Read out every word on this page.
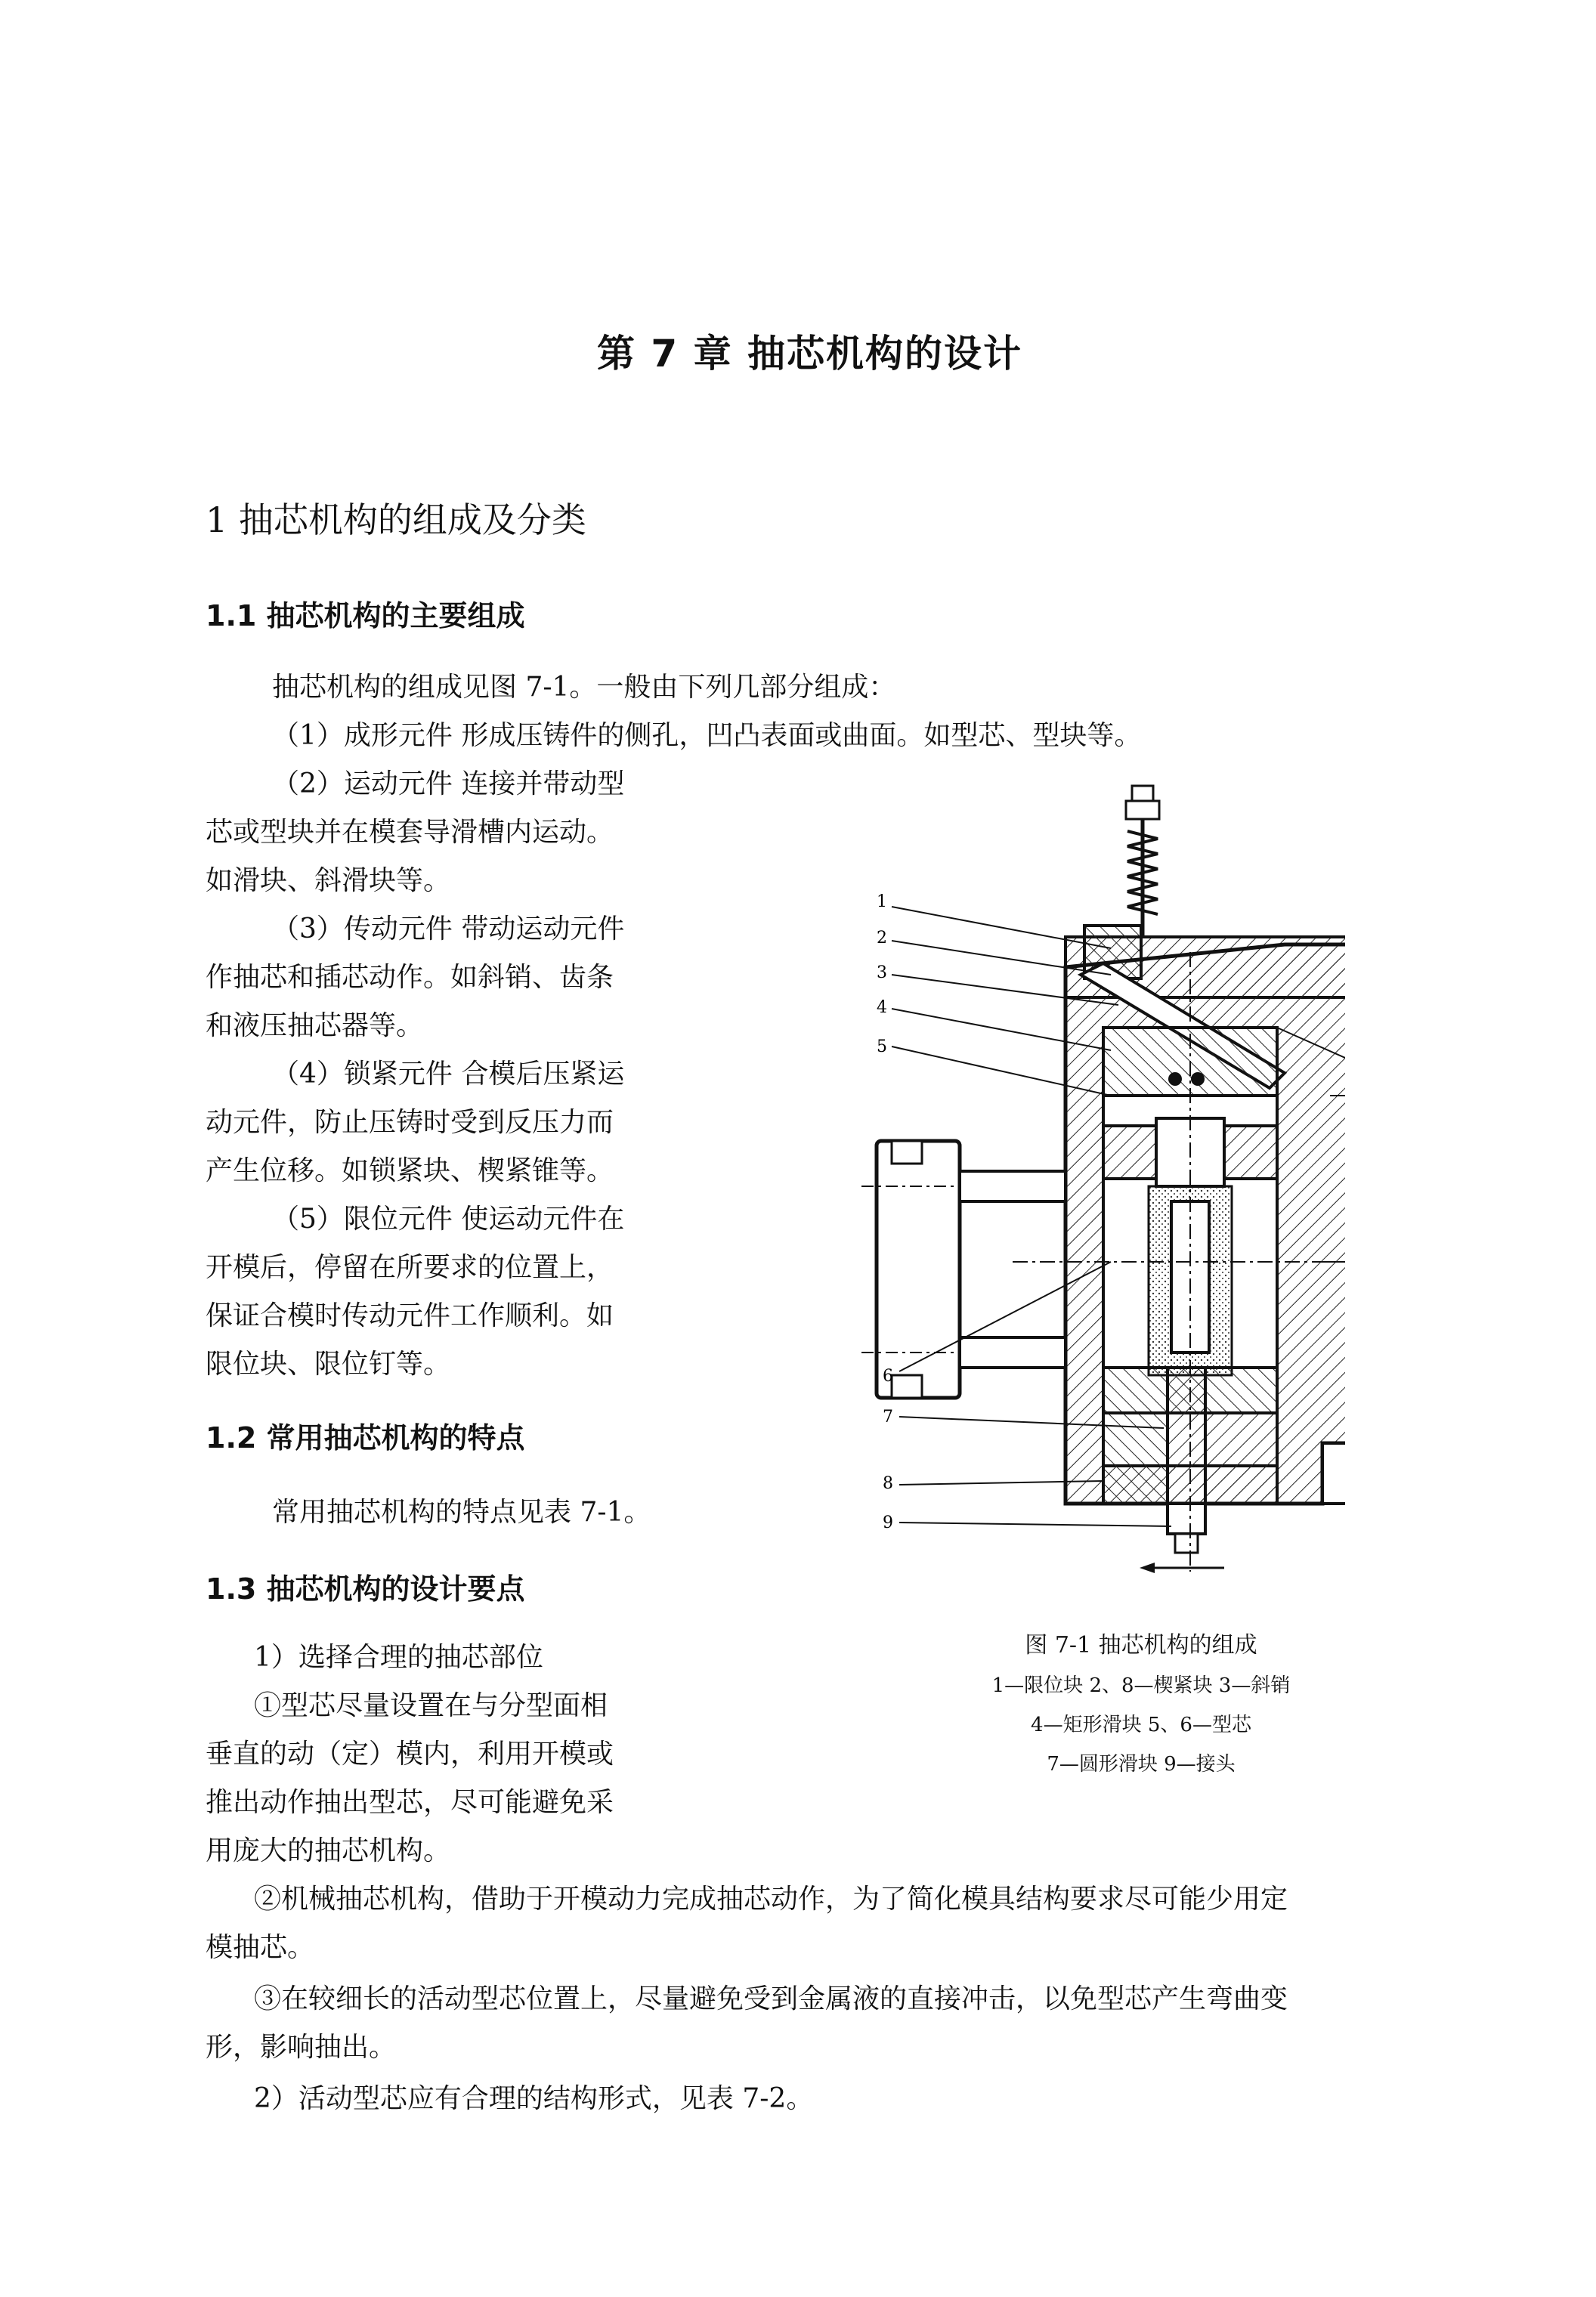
第 7 章 抽芯机构的设计
1 抽芯机构的组成及分类
1.1 抽芯机构的主要组成
抽芯机构的组成见图 7-1。一般由下列几部分组成：
（1）成形元件 形成压铸件的侧孔，凹凸表面或曲面。如型芯、型块等。
（2）运动元件 连接并带动型
芯或型块并在模套导滑槽内运动。
如滑块、斜滑块等。
（3）传动元件 带动运动元件
作抽芯和插芯动作。如斜销、齿条
和液压抽芯器等。
（4）锁紧元件 合模后压紧运
动元件，防止压铸时受到反压力而
产生位移。如锁紧块、楔紧锥等。
（5）限位元件 使运动元件在
开模后，停留在所要求的位置上，
保证合模时传动元件工作顺利。如
限位块、限位钉等。
1.2 常用抽芯机构的特点
常用抽芯机构的特点见表 7-1。
1.3 抽芯机构的设计要点
1）选择合理的抽芯部位
①型芯尽量设置在与分型面相
垂直的动（定）模内，利用开模或
推出动作抽出型芯，尽可能避免采
用庞大的抽芯机构。
②机械抽芯机构，借助于开模动力完成抽芯动作，为了简化模具结构要求尽可能少用定
模抽芯。
③在较细长的活动型芯位置上，尽量避免受到金属液的直接冲击，以免型芯产生弯曲变
形，影响抽出。
2）活动型芯应有合理的结构形式，见表 7-2。
1
2
3
4
5
6
7
8
9
图 7-1 抽芯机构的组成
1—限位块 2、8—楔紧块 3—斜销
4—矩形滑块 5、6—型芯
7—圆形滑块 9—接头
